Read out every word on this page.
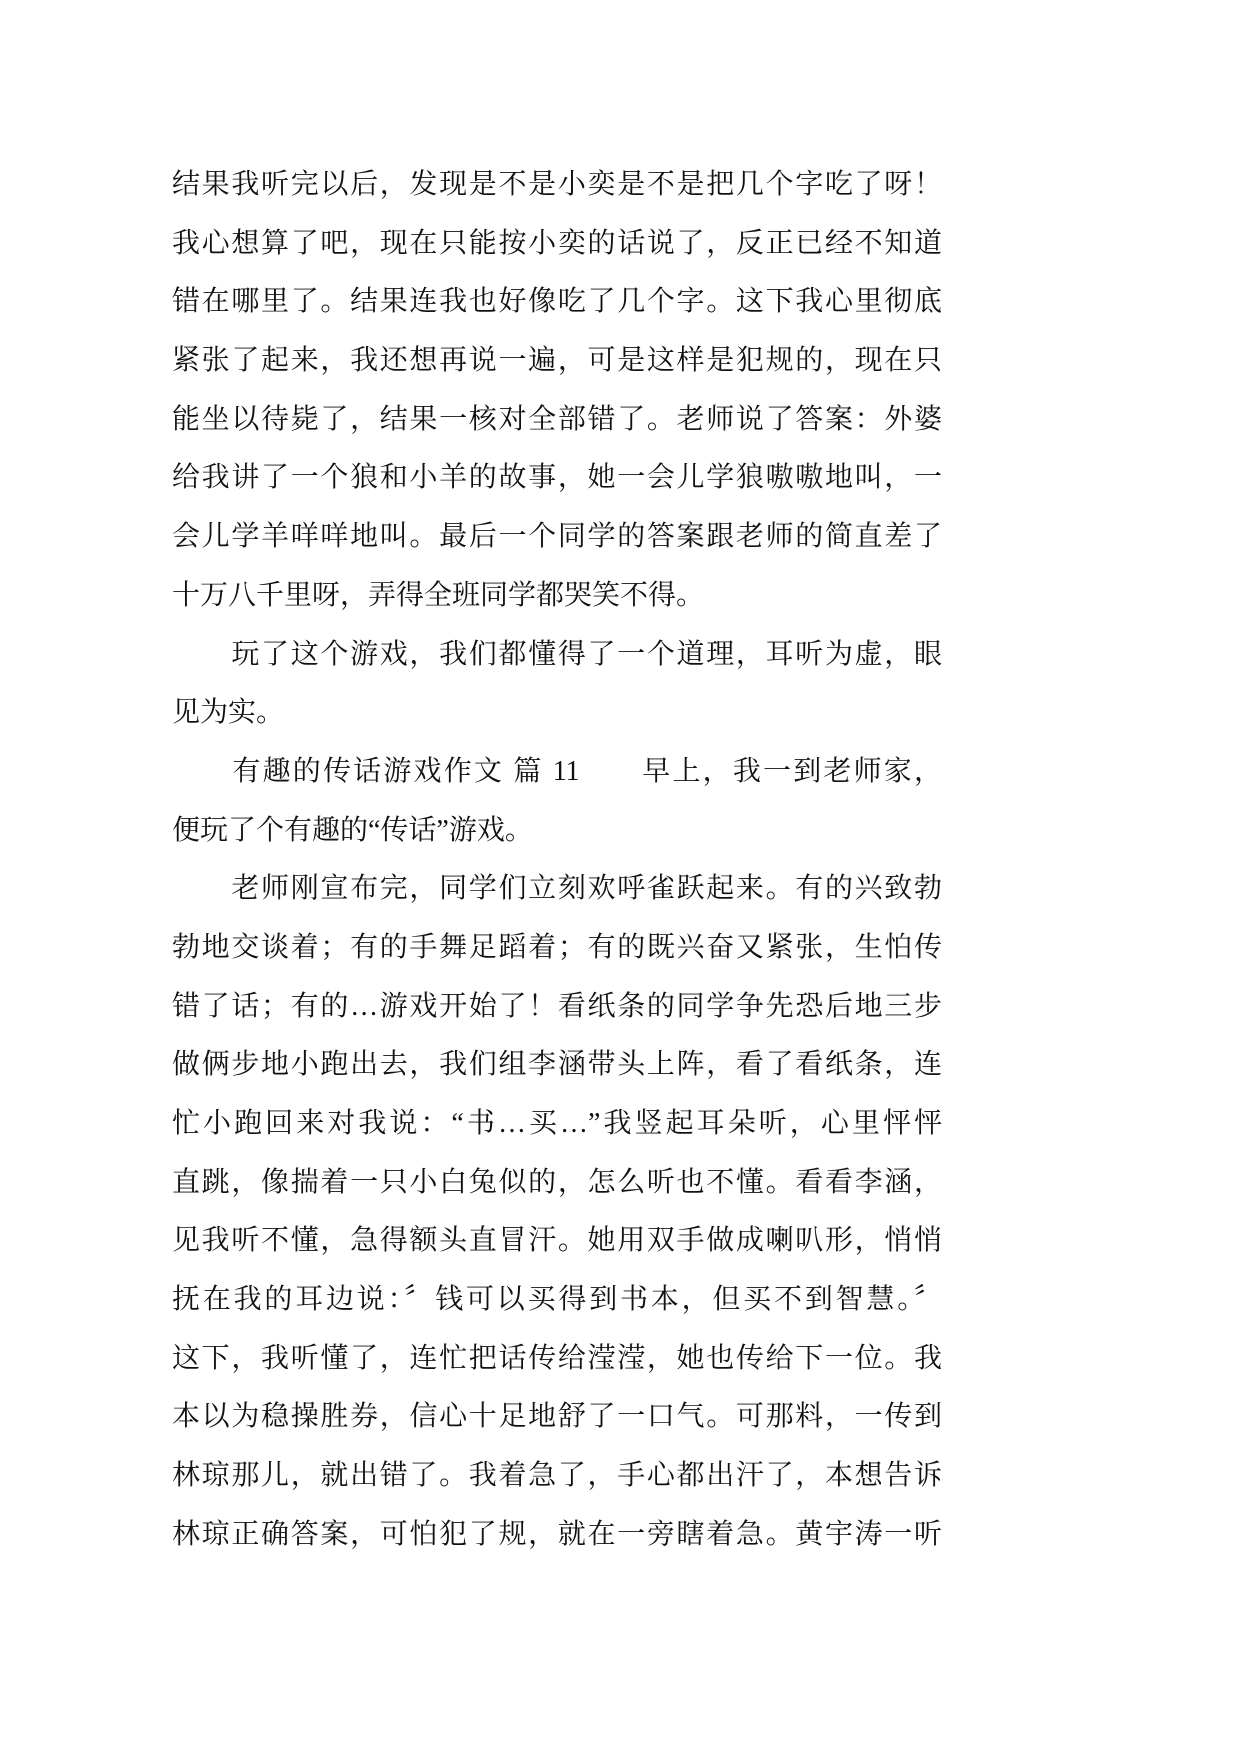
结果我听完以后，发现是不是小奕是不是把几个字吃了呀！
我心想算了吧，现在只能按小奕的话说了，反正已经不知道
错在哪里了。结果连我也好像吃了几个字。这下我心里彻底
紧张了起来，我还想再说一遍，可是这样是犯规的，现在只
能坐以待毙了，结果一核对全部错了。老师说了答案：外婆
给我讲了一个狼和小羊的故事，她一会儿学狼嗷嗷地叫，一
会儿学羊咩咩地叫。最后一个同学的答案跟老师的简直差了
十万八千里呀，弄得全班同学都哭笑不得。
　　玩了这个游戏，我们都懂得了一个道理，耳听为虚，眼
见为实。
　　有趣的传话游戏作文 篇 11　　早上，我一到老师家，
便玩了个有趣的“传话”游戏。
　　老师刚宣布完，同学们立刻欢呼雀跃起来。有的兴致勃
勃地交谈着；有的手舞足蹈着；有的既兴奋又紧张，生怕传
错了话；有的…游戏开始了！看纸条的同学争先恐后地三步
做俩步地小跑出去，我们组李涵带头上阵，看了看纸条，连
忙小跑回来对我说：“书…买…”我竖起耳朵听，心里怦怦
直跳，像揣着一只小白兔似的，怎么听也不懂。看看李涵，
见我听不懂，急得额头直冒汗。她用双手做成喇叭形，悄悄
抚在我的耳边说：〞钱可以买得到书本，但买不到智慧。〞
这下，我听懂了，连忙把话传给滢滢，她也传给下一位。我
本以为稳操胜券，信心十足地舒了一口气。可那料，一传到
林琼那儿，就出错了。我着急了，手心都出汗了，本想告诉
林琼正确答案，可怕犯了规，就在一旁瞎着急。黄宇涛一听
